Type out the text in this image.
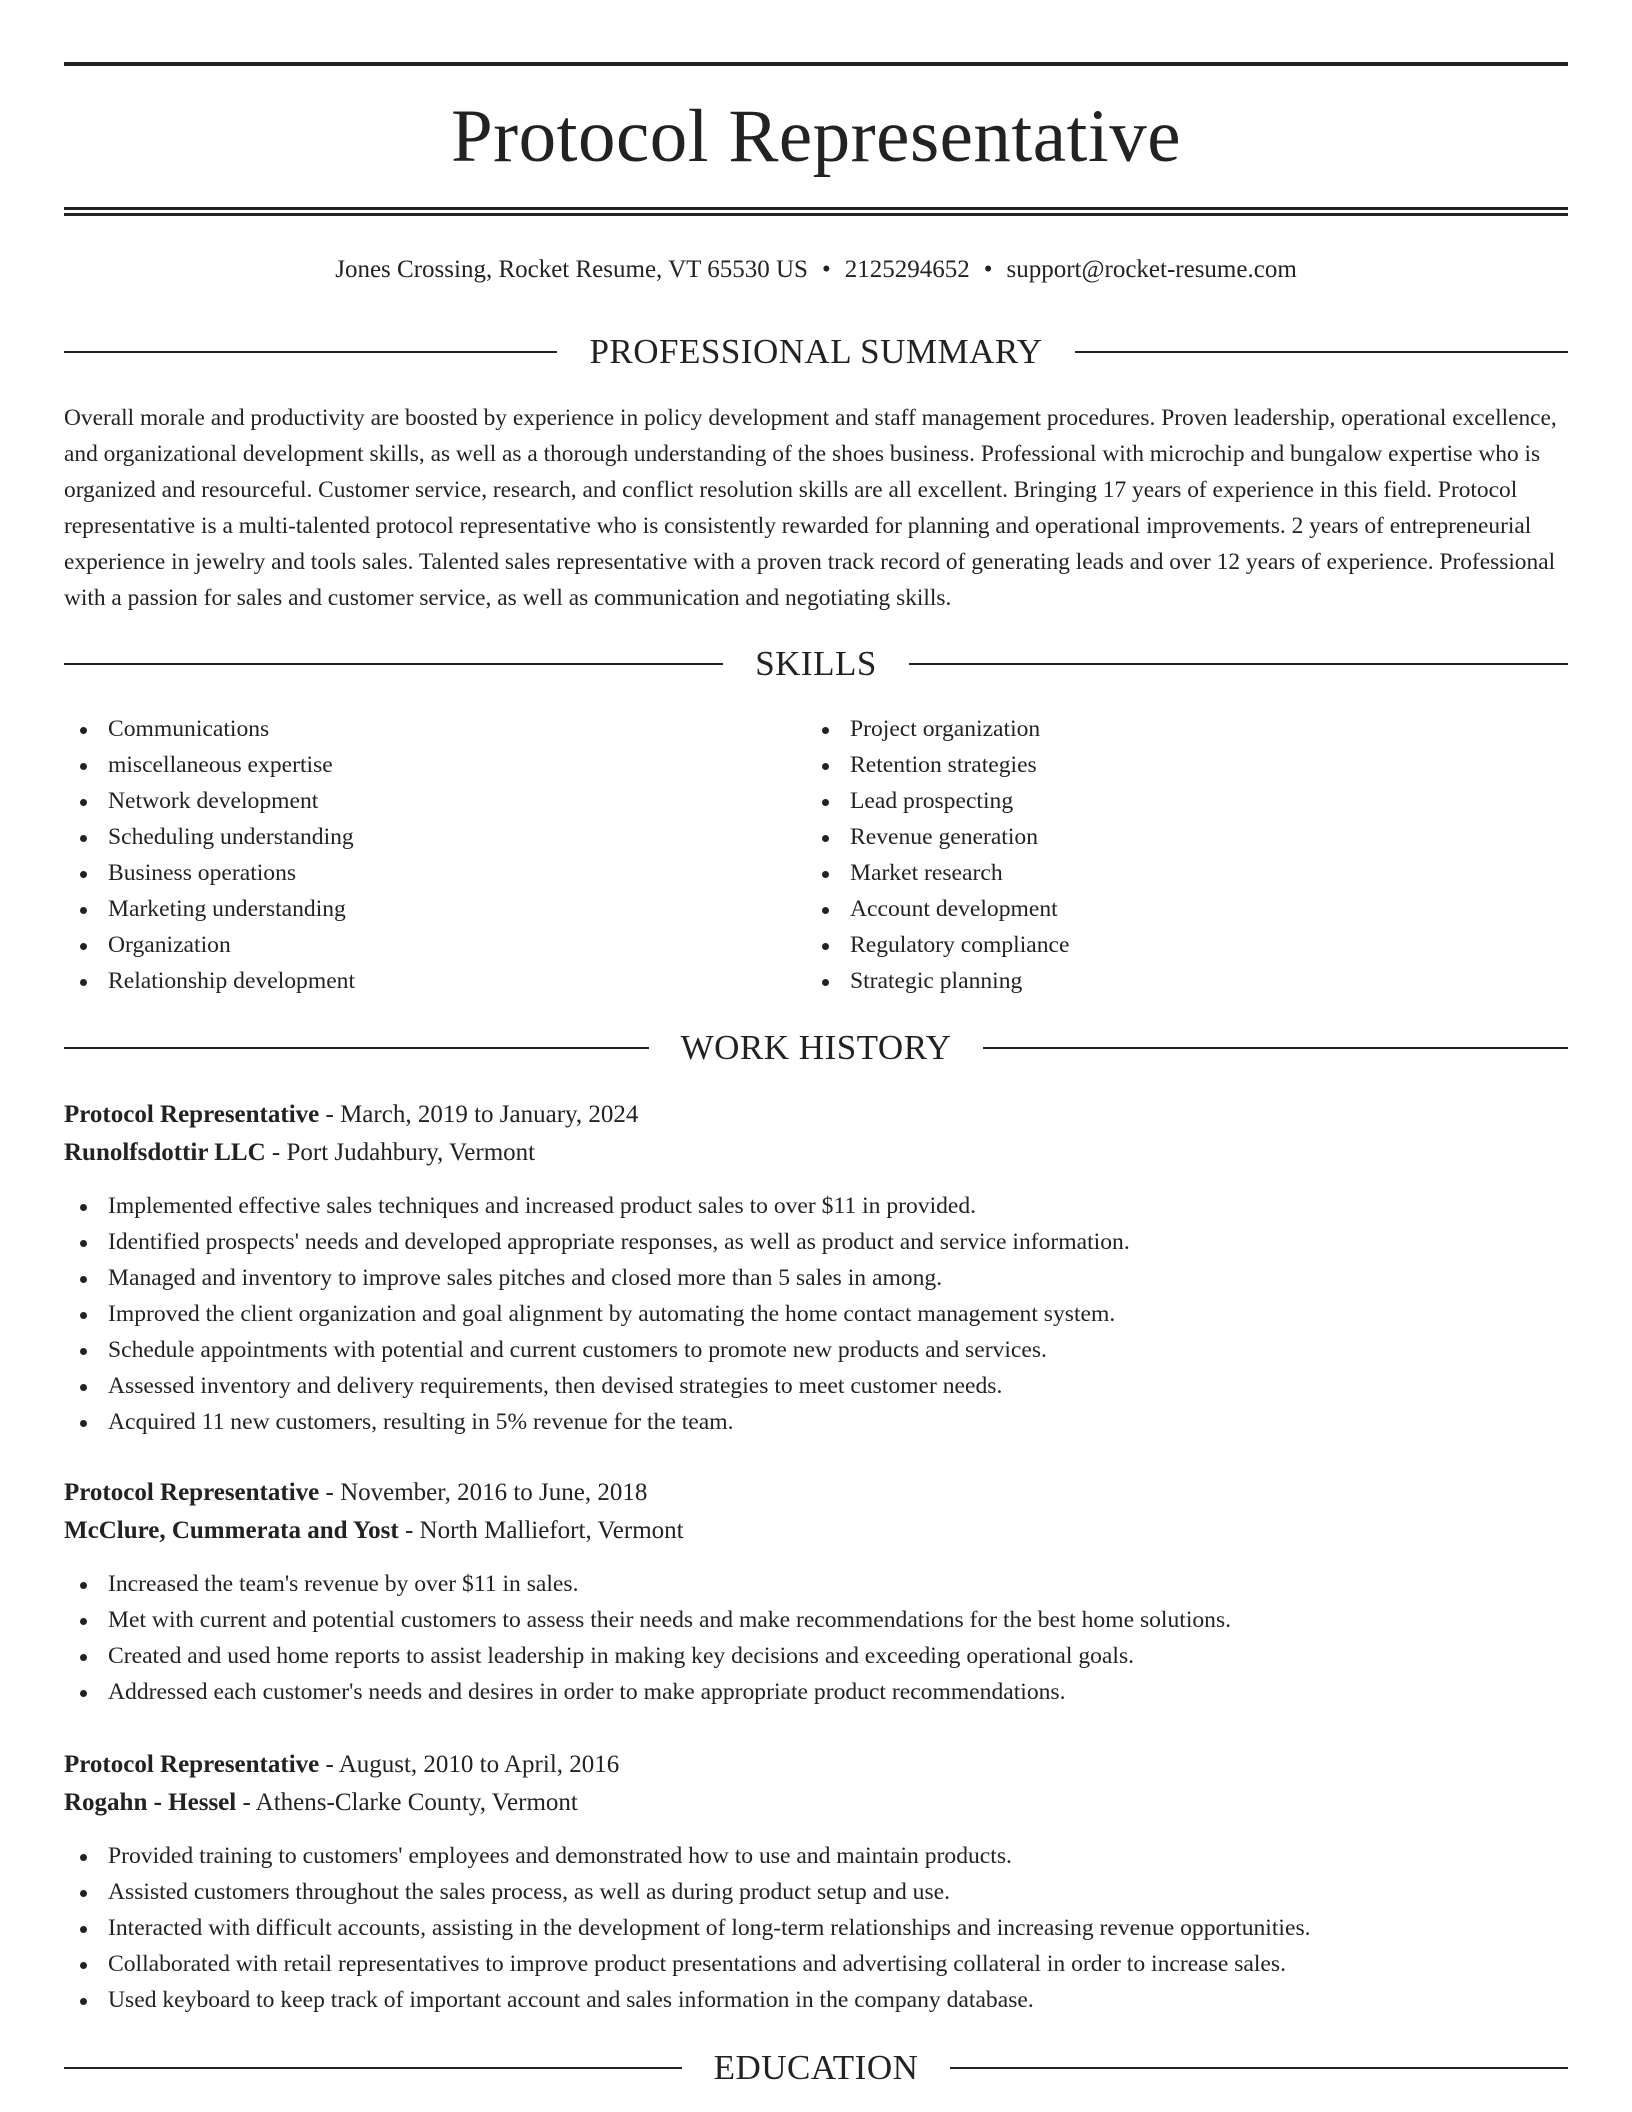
Protocol Representative
Jones Crossing, Rocket Resume, VT 65530 US • 2125294652 • support@rocket-resume.com
PROFESSIONAL SUMMARY

Overall morale and productivity are boosted by experience in policy development and staff management procedures. Proven leadership, operational excellence, and organizational development skills, as well as a thorough understanding of the shoes business. Professional with microchip and bungalow expertise who is organized and resourceful. Customer service, research, and conflict resolution skills are all excellent. Bringing 17 years of experience in this field. Protocol representative is a multi-talented protocol representative who is consistently rewarded for planning and operational improvements. 2 years of entrepreneurial experience in jewelry and tools sales. Talented sales representative with a proven track record of generating leads and over 12 years of experience. Professional with a passion for sales and customer service, as well as communication and negotiating skills.

SKILLS
Communications
miscellaneous expertise
Network development
Scheduling understanding
Business operations
Marketing understanding
Organization
Relationship development
Project organization
Retention strategies
Lead prospecting
Revenue generation
Market research
Account development
Regulatory compliance
Strategic planning
WORK HISTORY
Protocol Representative - March, 2019 to January, 2024
Runolfsdottir LLC - Port Judahbury, Vermont
Implemented effective sales techniques and increased product sales to over $11 in provided.
Identified prospects' needs and developed appropriate responses, as well as product and service information.
Managed and inventory to improve sales pitches and closed more than 5 sales in among.
Improved the client organization and goal alignment by automating the home contact management system.
Schedule appointments with potential and current customers to promote new products and services.
Assessed inventory and delivery requirements, then devised strategies to meet customer needs.
Acquired 11 new customers, resulting in 5% revenue for the team.
Protocol Representative - November, 2016 to June, 2018
McClure, Cummerata and Yost - North Malliefort, Vermont
Increased the team's revenue by over $11 in sales.
Met with current and potential customers to assess their needs and make recommendations for the best home solutions.
Created and used home reports to assist leadership in making key decisions and exceeding operational goals.
Addressed each customer's needs and desires in order to make appropriate product recommendations.
Protocol Representative - August, 2010 to April, 2016
Rogahn - Hessel - Athens-Clarke County, Vermont
Provided training to customers' employees and demonstrated how to use and maintain products.
Assisted customers throughout the sales process, as well as during product setup and use.
Interacted with difficult accounts, assisting in the development of long-term relationships and increasing revenue opportunities.
Collaborated with retail representatives to improve product presentations and advertising collateral in order to increase sales.
Used keyboard to keep track of important account and sales information in the company database.
EDUCATION
